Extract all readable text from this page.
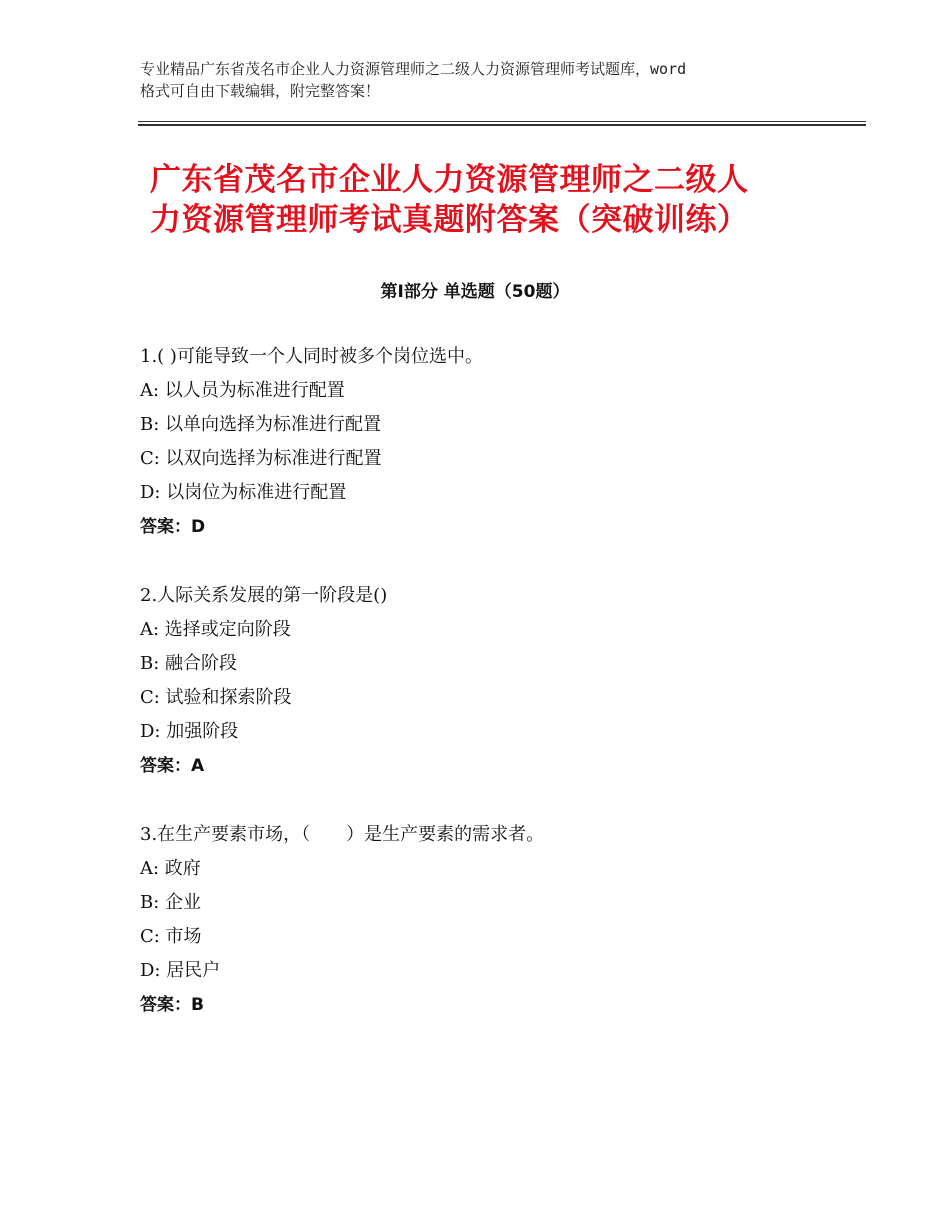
专业精品广东省茂名市企业人力资源管理师之二级人力资源管理师考试题库，word
格式可自由下载编辑，附完整答案！
广东省茂名市企业人力资源管理师之二级人
力资源管理师考试真题附答案（突破训练）
第Ⅰ部分 单选题（50题）
1.( )可能导致一个人同时被多个岗位选中。
A: 以人员为标准进行配置
B: 以单向选择为标准进行配置
C: 以双向选择为标准进行配置
D: 以岗位为标准进行配置
答案：D
2.人际关系发展的第一阶段是()
A: 选择或定向阶段
B: 融合阶段
C: 试验和探索阶段
D: 加强阶段
答案：A
3.在生产要素市场，（　　）是生产要素的需求者。
A: 政府
B: 企业
C: 市场
D: 居民户
答案：B
